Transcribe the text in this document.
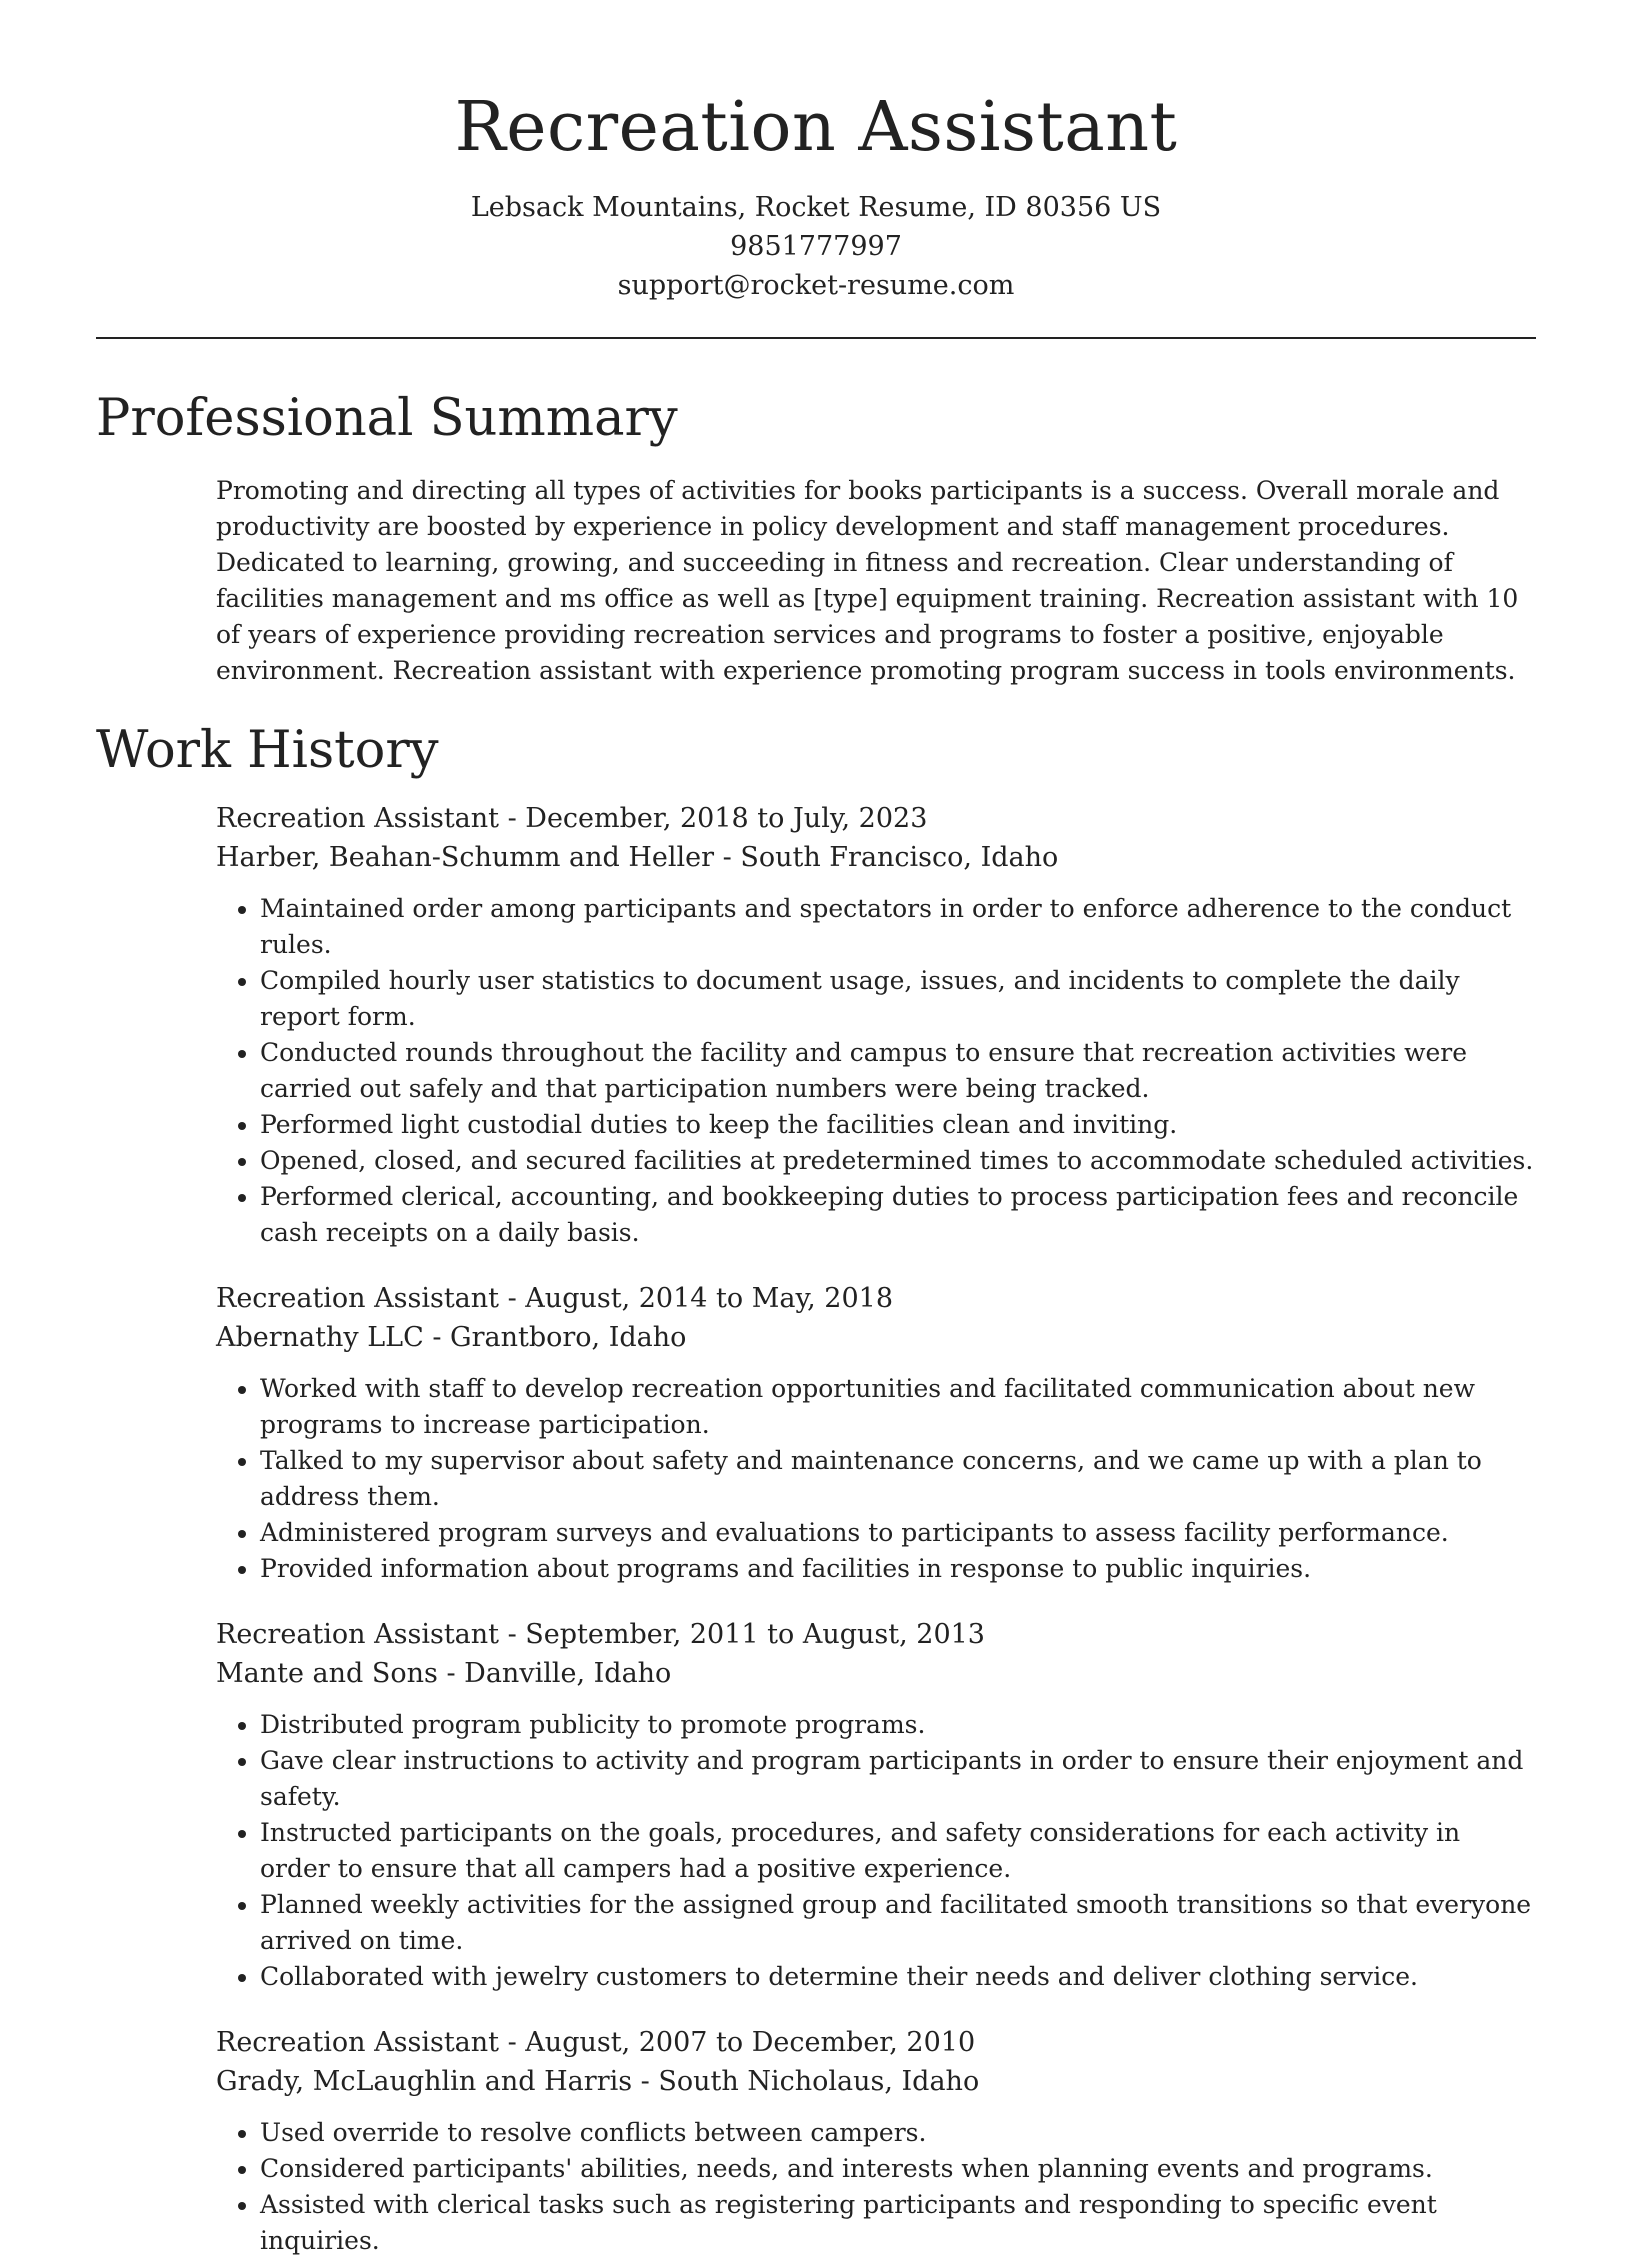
Recreation Assistant
Lebsack Mountains, Rocket Resume, ID 80356 US
9851777997
support@rocket-resume.com
Professional Summary

Promoting and directing all types of activities for books participants is a success. Overall morale and productivity are boosted by experience in policy development and staff management procedures. Dedicated to learning, growing, and succeeding in fitness and recreation. Clear understanding of facilities management and ms office as well as [type] equipment training. Recreation assistant with 10 of years of experience providing recreation services and programs to foster a positive, enjoyable environment. Recreation assistant with experience promoting program success in tools environments.

Work History
Recreation Assistant - December, 2018 to July, 2023
Harber, Beahan-Schumm and Heller - South Francisco, Idaho
• Maintained order among participants and spectators in order to enforce adherence to the conduct rules.
• Compiled hourly user statistics to document usage, issues, and incidents to complete the daily report form.
• Conducted rounds throughout the facility and campus to ensure that recreation activities were carried out safely and that participation numbers were being tracked.
• Performed light custodial duties to keep the facilities clean and inviting.
• Opened, closed, and secured facilities at predetermined times to accommodate scheduled activities.
• Performed clerical, accounting, and bookkeeping duties to process participation fees and reconcile cash receipts on a daily basis.
Recreation Assistant - August, 2014 to May, 2018
Abernathy LLC - Grantboro, Idaho
• Worked with staff to develop recreation opportunities and facilitated communication about new programs to increase participation.
• Talked to my supervisor about safety and maintenance concerns, and we came up with a plan to address them.
• Administered program surveys and evaluations to participants to assess facility performance.
• Provided information about programs and facilities in response to public inquiries.
Recreation Assistant - September, 2011 to August, 2013
Mante and Sons - Danville, Idaho
• Distributed program publicity to promote programs.
• Gave clear instructions to activity and program participants in order to ensure their enjoyment and safety.
• Instructed participants on the goals, procedures, and safety considerations for each activity in order to ensure that all campers had a positive experience.
• Planned weekly activities for the assigned group and facilitated smooth transitions so that everyone arrived on time.
• Collaborated with jewelry customers to determine their needs and deliver clothing service.
Recreation Assistant - August, 2007 to December, 2010
Grady, McLaughlin and Harris - South Nicholaus, Idaho
• Used override to resolve conflicts between campers.
• Considered participants' abilities, needs, and interests when planning events and programs.
• Assisted with clerical tasks such as registering participants and responding to specific event inquiries.
